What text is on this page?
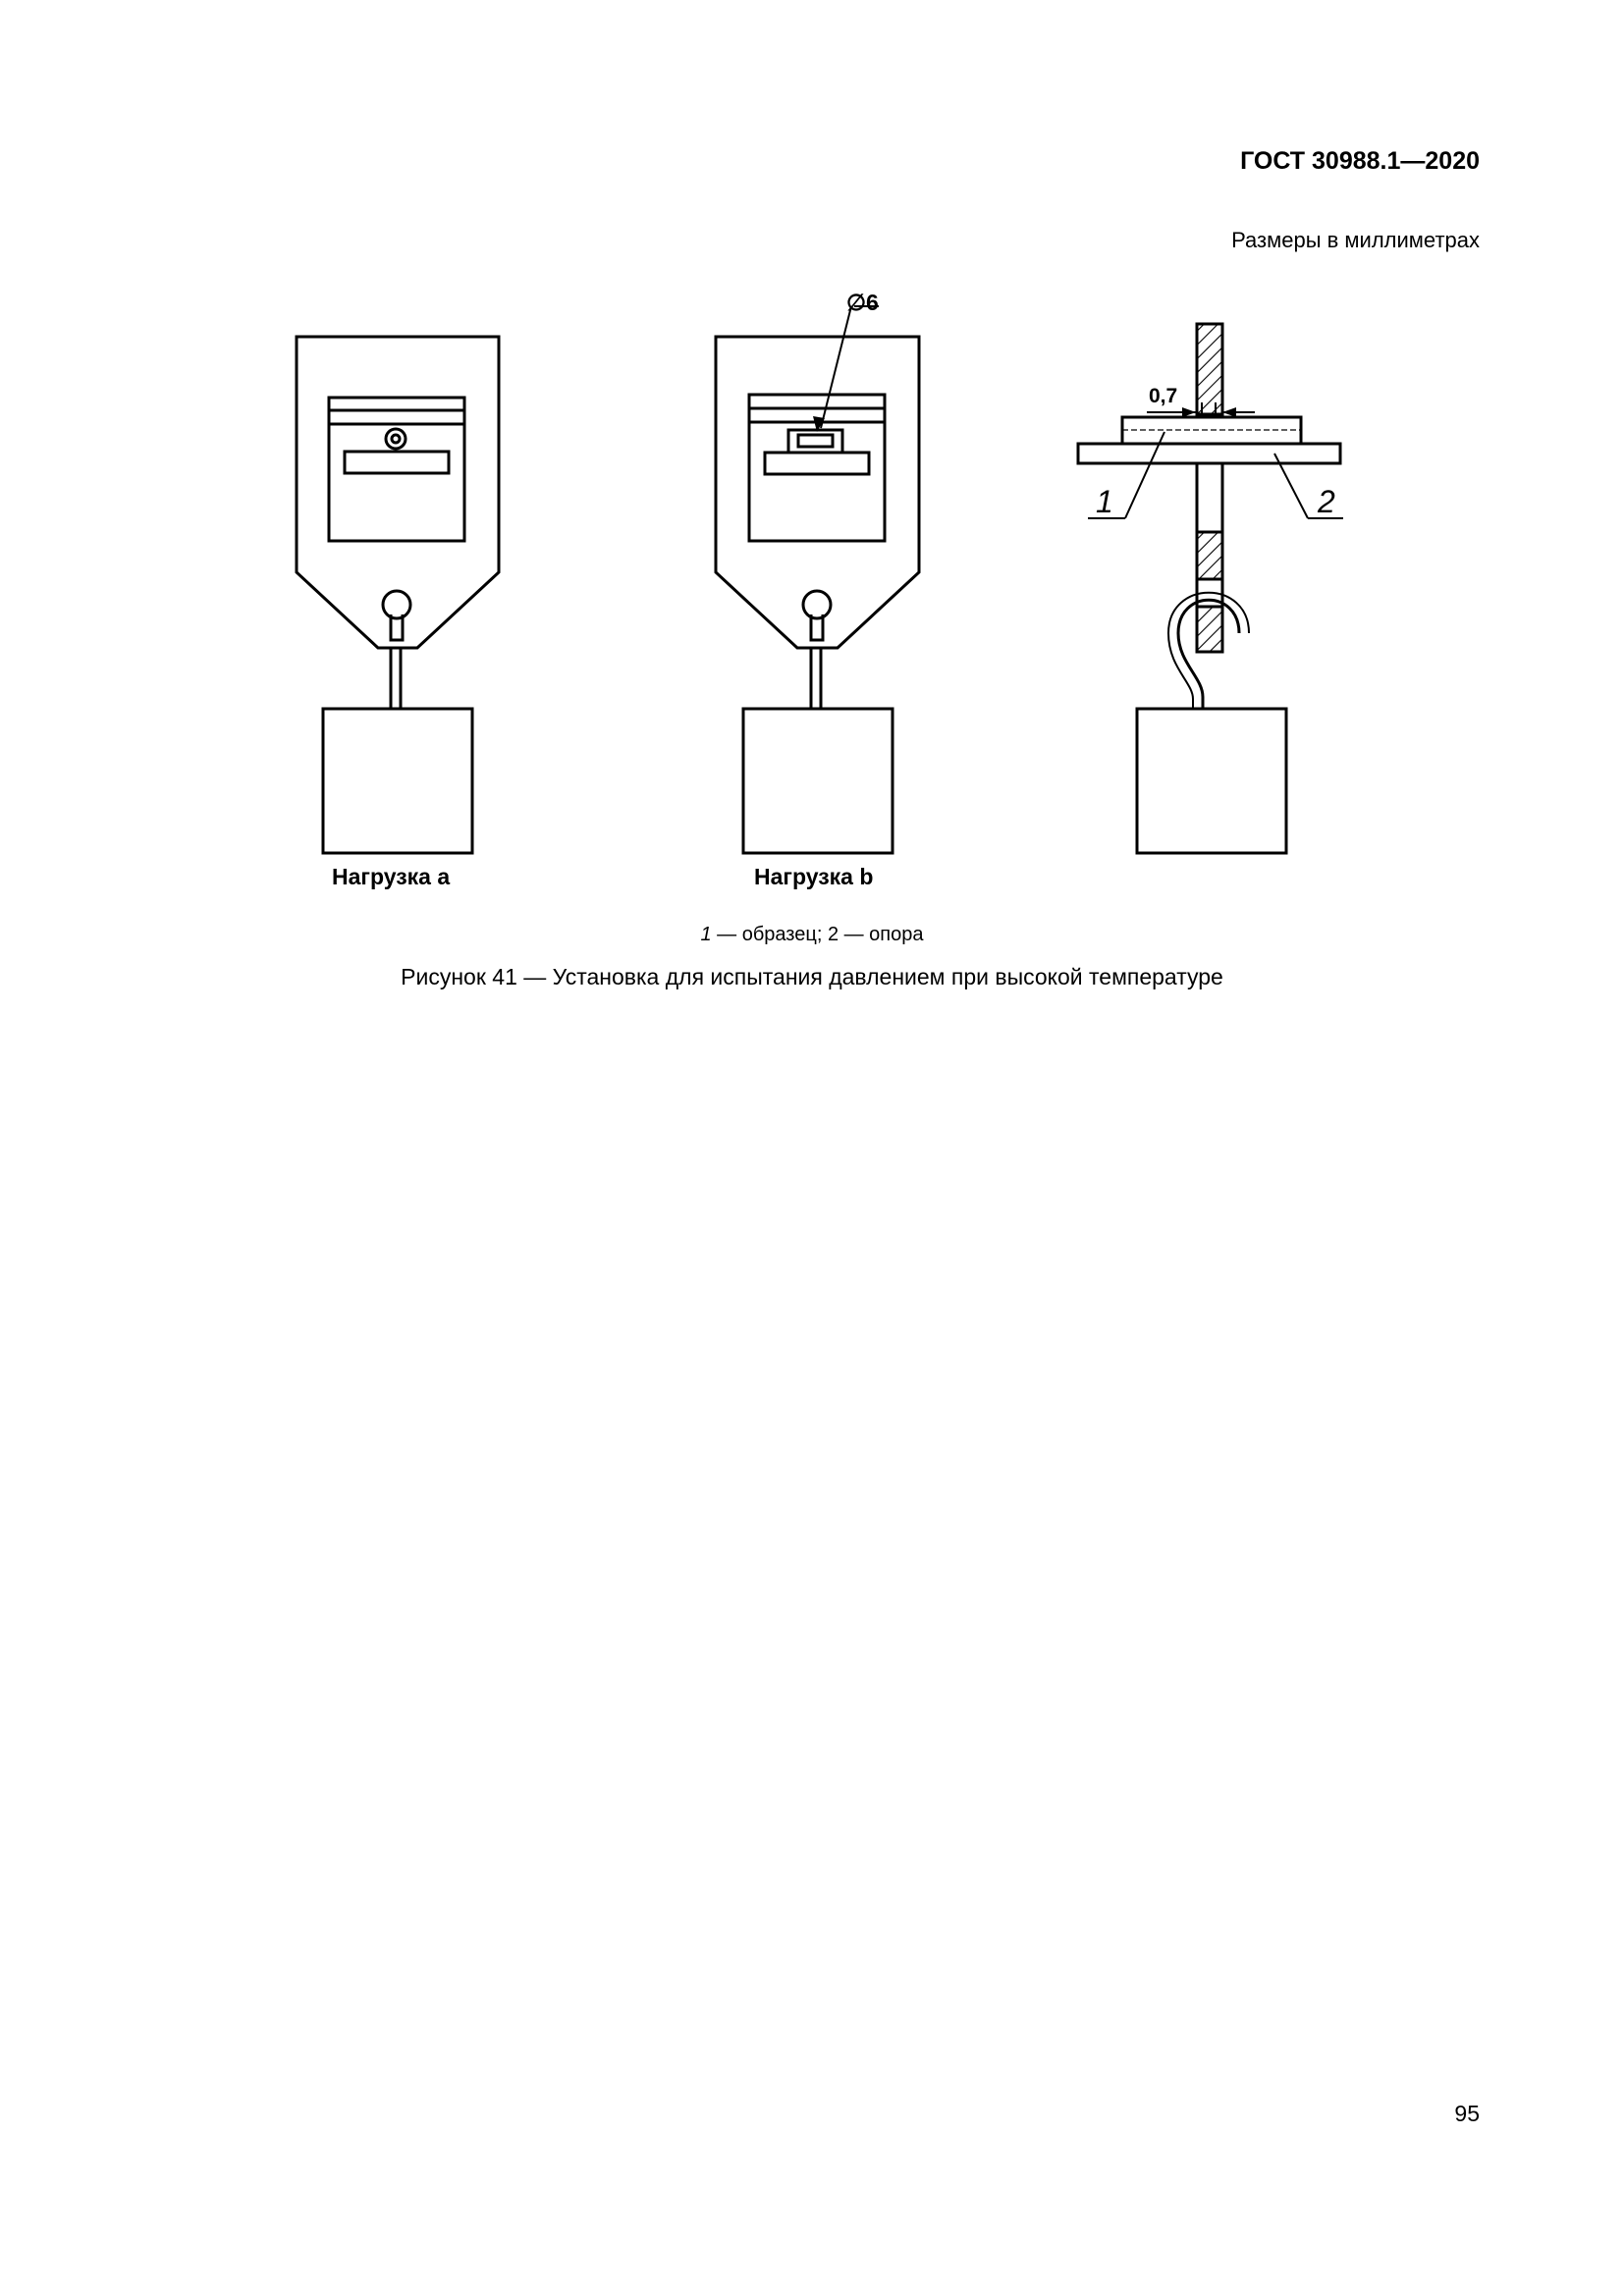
ГОСТ 30988.1—2020
Размеры в миллиметрах
∅6
0,7
1	2
Нагрузка a	Нагрузка b
1 — образец; 2 — опора
Рисунок 41 — Установка для испытания давлением при высокой температуре
95
